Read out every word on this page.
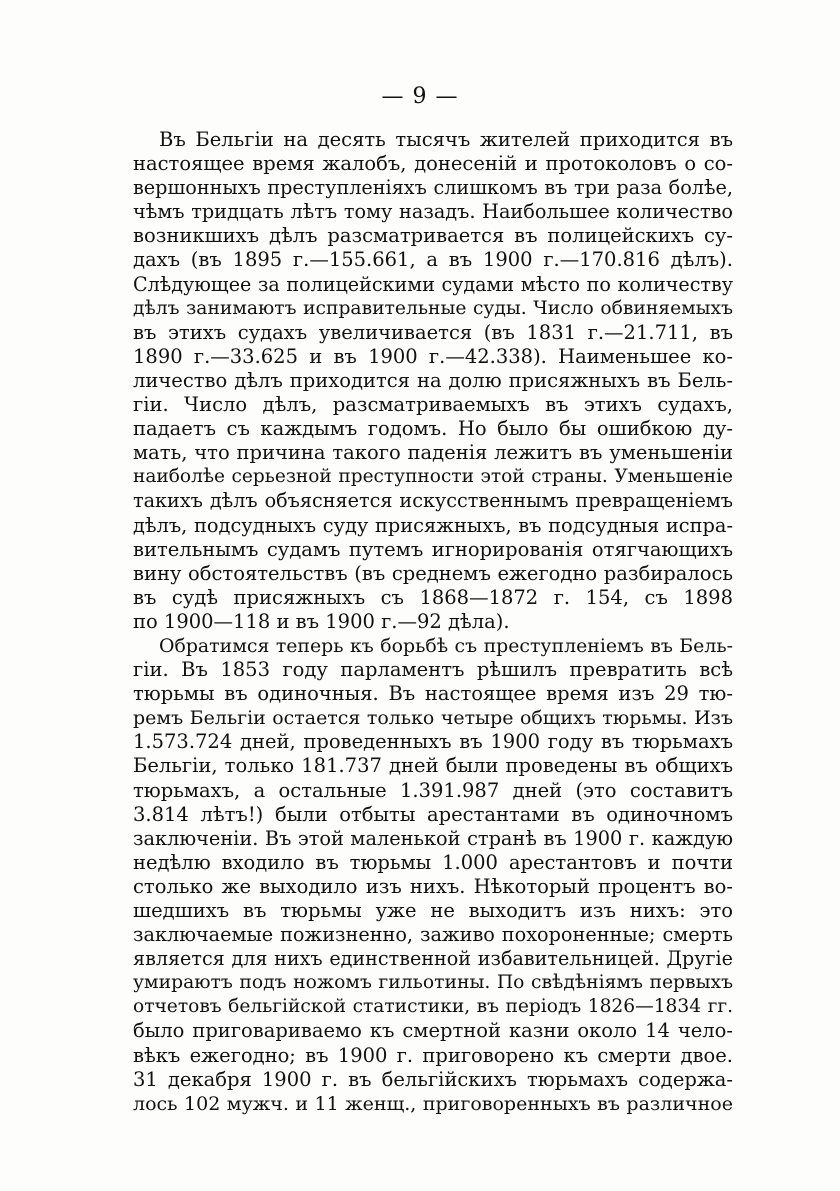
— 9 —
Въ Бельгiи на десять тысячъ жителей приходится въ
настоящее время жалобъ, донесенiй и протоколовъ о со-
вершонныхъ преступленiяхъ слишкомъ въ три раза болѣе,
чѣмъ тридцать лѣтъ тому назадъ. Наибольшее количество
возникшихъ дѣлъ разсматривается въ полицейскихъ су-
дахъ (въ 1895 г.—155.661, а въ 1900 г.—170.816 дѣлъ).
Слѣдующее за полицейскими судами мѣсто по количеству
дѣлъ занимаютъ исправительные суды. Число обвиняемыхъ
въ этихъ судахъ увеличивается (въ 1831 г.—21.711, въ
1890 г.—33.625 и въ 1900 г.—42.338). Наименьшее ко-
личество дѣлъ приходится на долю присяжныхъ въ Бель-
гiи. Число дѣлъ, разсматриваемыхъ въ этихъ судахъ,
падаетъ съ каждымъ годомъ. Но было бы ошибкою ду-
мать, что причина такого паденiя лежитъ въ уменьшенiи
наиболѣе серьезной преступности этой страны. Уменьшенiе
такихъ дѣлъ объясняется искусственнымъ превращенiемъ
дѣлъ, подсудныхъ суду присяжныхъ, въ подсудныя испра-
вительнымъ судамъ путемъ игнорированiя отягчающихъ
вину обстоятельствъ (въ среднемъ ежегодно разбиралось
въ судѣ присяжныхъ съ 1868—1872 г. 154, съ 1898
по 1900—118 и въ 1900 г.—92 дѣла).
Обратимся теперь къ борьбѣ съ преступленiемъ въ Бель-
гiи. Въ 1853 году парламентъ рѣшилъ превратить всѣ
тюрьмы въ одиночныя. Въ настоящее время изъ 29 тю-
ремъ Бельгiи остается только четыре общихъ тюрьмы. Изъ
1.573.724 дней, проведенныхъ въ 1900 году въ тюрьмахъ
Бельгiи, только 181.737 дней были проведены въ общихъ
тюрьмахъ, а остальные 1.391.987 дней (это составитъ
3.814 лѣтъ!) были отбыты арестантами въ одиночномъ
заключенiи. Въ этой маленькой странѣ въ 1900 г. каждую
недѣлю входило въ тюрьмы 1.000 арестантовъ и почти
столько же выходило изъ нихъ. Нѣкоторый процентъ во-
шедшихъ въ тюрьмы уже не выходитъ изъ нихъ: это
заключаемые пожизненно, заживо похороненные; смерть
является для нихъ единственной избавительницей. Другiе
умираютъ подъ ножомъ гильотины. По свѣдѣнiямъ первыхъ
отчетовъ бельгiйской статистики, въ перiодъ 1826—1834 гг.
было приговариваемо къ смертной казни около 14 чело-
вѣкъ ежегодно; въ 1900 г. приговорено къ смерти двое.
31 декабря 1900 г. въ бельгiйскихъ тюрьмахъ содержа-
лось 102 мужч. и 11 женщ., приговоренныхъ въ различное
